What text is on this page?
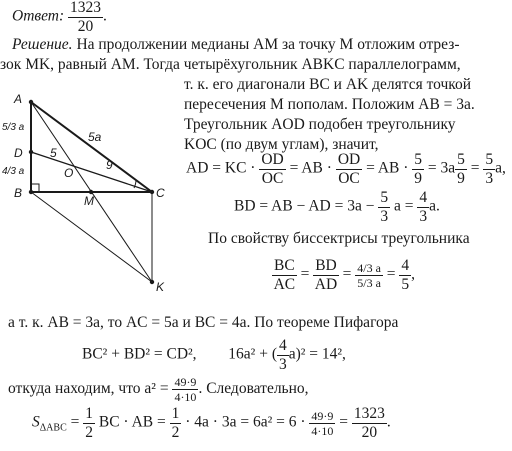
Ответ: $\frac{1323}{20}$ .
Решение. На продолжении медианы AM за точку M отложим отрез-
зок MK, равный AM. Тогда четырёхугольник ABKC параллелограмм,
т. к. его диагонали BC и AK делятся точкой
пересечения M пополам. Положим AB = 3a.
Треугольник AOD подобен треугольнику
KOC (по двум углам), значит,
AD = KC · $\frac{OD}{OC}$ = AB · $\frac{OD}{OC}$ = AB · $\frac{5}{9} = 3a \frac{5}{9} = \frac{5}{3} a$,
BD = AB − AD = $3a - \frac{5}{3}$ $a = \frac{4}{3} a$.
По свойству биссектрисы треугольника
$\frac{BC}{AC} = \frac{BD}{AD} = \frac{4/3 a}{5/3 a} = \frac{4}{5}$ ,
а т. к. AB = 3a, то AC = 5a и BC = 4a. По теореме Пифагора
BC² + BD² = CD², 16a² + ( $\frac{4}{3} a)^2 = 14^2$,
откуда находим, что $a^2 = \frac{49\cdot 9}{4\cdot 10}$ . Следовательно,
$S_{\Delta ABC} = \frac{1}{2}$ BC · AB = $\frac{1}{2} \cdot 4a \cdot 3a = 6a^2 = 6 \cdot \frac{49\cdot 9}{4\cdot 10} = \frac{1323}{20}$ .
A
B	C
D
M
O
K
5/3 a
4/3 a
5a
5
9
